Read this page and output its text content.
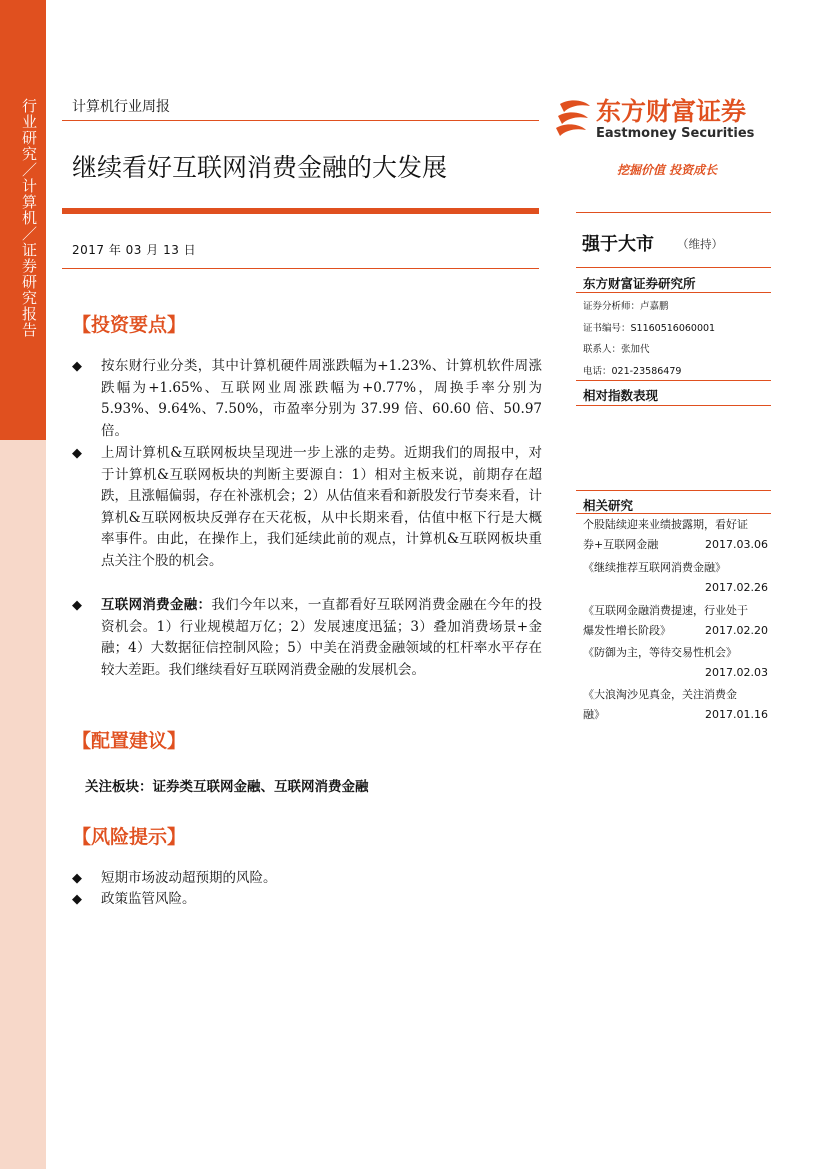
行业研究／计算机／证券研究报告 计算机行业周报
继续看好互联网消费金融的大发展
2017 年 03 月 13 日
东方财富证券
Eastmoney Securities
挖掘价值 投资成长
【投资要点】
◆ 按东财行业分类，其中计算机硬件周涨跌幅为+1.23%、计算机软件周涨跌幅为+1.65%、互联网业周涨跌幅为+0.77%，周换手率分别为5.93%、9.64%、7.50%，市盈率分别为 37.99 倍、60.60 倍、50.97 倍。
◆ 上周计算机&互联网板块呈现进一步上涨的走势。近期我们的周报中，对于计算机&互联网板块的判断主要源自：1）相对主板来说，前期存在超跌，且涨幅偏弱，存在补涨机会；2）从估值来看和新股发行节奏来看，计算机&互联网板块反弹存在天花板，从中长期来看，估值中枢下行是大概率事件。由此，在操作上，我们延续此前的观点，计算机&互联网板块重点关注个股的机会。
◆ 互联网消费金融：我们今年以来，一直都看好互联网消费金融在今年的投资机会。1）行业规模超万亿；2）发展速度迅猛；3）叠加消费场景+金融；4）大数据征信控制风险；5）中美在消费金融领域的杠杆率水平存在较大差距。我们继续看好互联网消费金融的发展机会。
【配置建议】
关注板块：证券类互联网金融、互联网消费金融
【风险提示】
◆ 短期市场波动超预期的风险。
◆ 政策监管风险。
强于大市 （维持）
东方财富证券研究所
证券分析师：卢嘉鹏
证书编号：S1160516060001
联系人：张加代
电话：021-23586479
相对指数表现
相关研究
个股陆续迎来业绩披露期，看好证
券+互联网金融	2017.03.06
《继续推荐互联网消费金融》
2017.02.26
《互联网金融消费提速，行业处于
爆发性增长阶段》	2017.02.20
《防御为主，等待交易性机会》
2017.02.03
《大浪淘沙见真金，关注消费金
融》	2017.01.16
